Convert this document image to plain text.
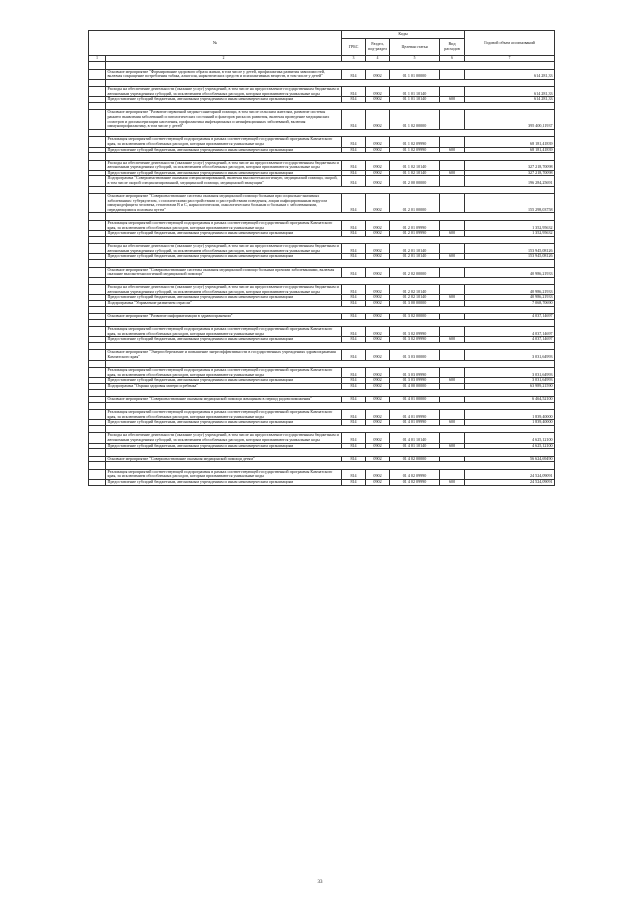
№		Коды				Годовой объем ассигнований
		ГРБС	Раздел, под-раздел	Целевая статья	Вид расходов	
1	2	3	4	5	6	7

	Основное мероприятие "Формирование здорового образа жизни, в том числе у детей, профилактика развития зависимостей, включая сокращение потребления табака, алкоголя, наркотических средств и психоактивных веществ, в том числе у детей"	814	0902	01 1 01 00000		614 281,33

	Расходы на обеспечение деятельности (оказание услуг) учреждений, в том числе на предоставление государственным бюджетным и автономным учреждениям субсидий, за исключением обособленных расходов, которым присваиваются уникальные коды	814	0902	01 1 01 10140		614 281,33
	Предоставление субсидий бюджетным, автономным учреждениям и иным некоммерческим организациям	814	0902	01 1 01 10140	600	614 281,33

	Основное мероприятие "Развитие первичной медико-санитарной помощи, в том числе сельским жителям, развитие системы раннего выявления заболеваний и патологических состояний и факторов риска их развития, включая проведение медицинских осмотров и диспансеризации населения, профилактика инфекционных и неинфекционных заболеваний, включая иммунопрофилактику, в том числе у детей"	814	0902	01 1 02 00000		395 400,11937

	Реализация мероприятий соответствующей подпрограммы в рамках соответствующей государственной программы Камчатского края, за исключением обособленных расходов, которым присваиваются уникальные коды	814	0902	01 1 02 09990		68 181,41839
	Предоставление субсидий бюджетным, автономным учреждениям и иным некоммерческим организациям	814	0902	01 1 02 09990	600	68 181,41839

	Расходы на обеспечение деятельности (оказание услуг) учреждений, в том числе на предоставление государственным бюджетным и автономным учреждениям субсидий, за исключением обособленных расходов, которым присваиваются уникальные коды	814	0902	01 1 02 10140		327 218,70098
	Предоставление субсидий бюджетным, автономным учреждениям и иным некоммерческим организациям	814	0902	01 1 02 10140	600	327 218,70098
	Подпрограмма "Совершенствование оказания специализированной, включая высокотехнологичную, медицинской помощи, скорой, в том числе скорой специализированной, медицинской помощи, медицинской эвакуации"	814	0902	01 2 00 00000		196 284,25691

	Основное мероприятие "Совершенствование системы оказания медицинской помощи больным при социально-значимых заболеваниях: туберкулезом, с психическими расстройствами и расстройствами поведения, лицам инфицированным вирусом иммунодефицита человека, гепатитами В и С, наркологическим, онкологическим больным и больным с заболеваниями, передающимися половым путем"	814	0902	01 2 01 00000		155 298,03758

	Реализация мероприятий соответствующей подпрограммы в рамках соответствующей государственной программы Камчатского края, за исключением обособленных расходов, которым присваиваются уникальные коды	814	0902	01 2 01 09990		1 352,95632
	Предоставление субсидий бюджетным, автономным учреждениям и иным некоммерческим организациям	814	0902	01 2 01 09990	600	1 352,95632

	Расходы на обеспечение деятельности (оказание услуг) учреждений, в том числе на предоставление государственным бюджетным и автономным учреждениям субсидий, за исключением обособленных расходов, которым присваиваются уникальные коды	814	0902	01 2 01 10140		153 945,08126
	Предоставление субсидий бюджетным, автономным учреждениям и иным некоммерческим организациям	814	0902	01 2 01 10140	600	153 945,08126

	Основное мероприятие "Совершенствование системы оказания медицинской помощи больным прочими заболеваниями, включая оказание высокотехнологичной медицинской помощи"	814	0902	01 2 02 00000		40 986,21933

	Расходы на обеспечение деятельности (оказание услуг) учреждений, в том числе на предоставление государственным бюджетным и автономным учреждениям субсидий, за исключением обособленных расходов, которым присваиваются уникальные коды	814	0902	01 2 02 10140		40 986,21933
	Предоставление субсидий бюджетным, автономным учреждениям и иным некоммерческим организациям	814	0902	01 2 02 10140	600	40 986,21933
	Подпрограмма "Управление развитием отрасли"	814	0902	01 3 00 00000		7 068,70690

	Основное мероприятие "Развитие информатизации в здравоохранении"	814	0902	01 3 02 00000		4 037,14697

	Реализация мероприятий соответствующей подпрограммы в рамках соответствующей государственной программы Камчатского края, за исключением обособленных расходов, которым присваиваются уникальные коды	814	0902	01 3 02 09990		4 037,14697
	Предоставление субсидий бюджетным, автономным учреждениям и иным некоммерческим организациям	814	0902	01 3 02 09990	600	4 037,14697

	Основное мероприятие "Энергосбережение и повышение энергоэффективности в государственных учреждениях здравоохранения Камчатского края"	814	0902	01 3 03 00000		3 031,64993

	Реализация мероприятий соответствующей подпрограммы в рамках соответствующей государственной программы Камчатского края, за исключением обособленных расходов, которым присваиваются уникальные коды	814	0902	01 3 03 09990		3 031,64993
	Предоставление субсидий бюджетным, автономным учреждениям и иным некоммерческим организациям	814	0902	01 3 03 09990	600	3 031,64993
	Подпрограмма "Охрана здоровья матери и ребенка"	814	0902	01 4 00 00000		63 989,21590

	Основное мероприятие "Совершенствование оказания медицинской помощи женщинам в период родовспоможения"	814	0902	01 4 01 00000		6 464,52100

	Реализация мероприятий соответствующей подпрограммы в рамках соответствующей государственной программы Камчатского края, за исключением обособленных расходов, которым присваиваются уникальные коды	814	0902	01 4 01 09990		1 839,40000
	Предоставление субсидий бюджетным, автономным учреждениям и иным некоммерческим организациям	814	0902	01 4 01 09990	600	1 839,40000

	Расходы на обеспечение деятельности (оказание услуг) учреждений, в том числе на предоставление государственным бюджетным и автономным учреждениям субсидий, за исключением обособленных расходов, которым присваиваются уникальные коды	814	0902	01 4 01 10140		4 625,12100
	Предоставление субсидий бюджетным, автономным учреждениям и иным некоммерческим организациям	814	0902	01 4 01 10140	600	4 625,12100

	Основное мероприятие "Совершенствование оказания медицинской помощи детям"	814	0902	01 4 02 00000		56 624,69490

	Реализация мероприятий соответствующей подпрограммы в рамках соответствующей государственной программы Камчатского края, за исключением обособленных расходов, которым присваиваются уникальные коды	814	0902	01 4 02 09990		24 524,09091
	Предоставление субсидий бюджетным, автономным учреждениям и иным некоммерческим организациям	814	0902	01 4 02 09990	600	24 524,09091
33
